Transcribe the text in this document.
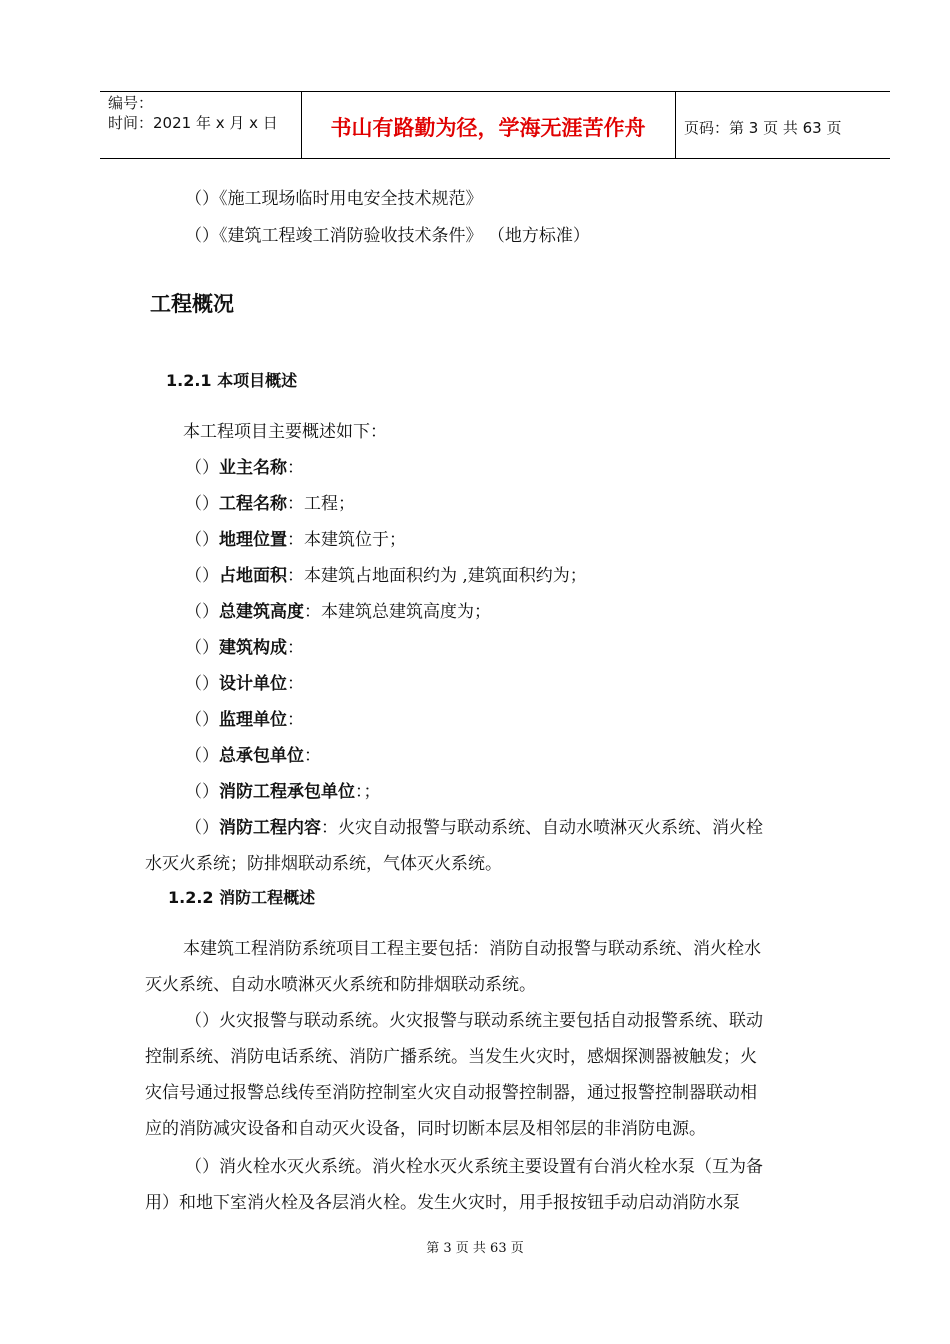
编号：
时间：2021 年 x 月 x 日	书山有路勤为径，学海无涯苦作舟	页码：第 3 页 共 63 页
（）《施工现场临时用电安全技术规范》
（）《建筑工程竣工消防验收技术条件》 （地方标准）
工程概况
1.2.1 本项目概述
本工程项目主要概述如下：
（）业主名称：
（）工程名称：工程；
（）地理位置：本建筑位于；
（）占地面积：本建筑占地面积约为 ,建筑面积约为；
（）总建筑高度：本建筑总建筑高度为；
（）建筑构成：
（）设计单位：
（）监理单位：
（）总承包单位：
（）消防工程承包单位：；
（）消防工程内容：火灾自动报警与联动系统、自动水喷淋灭火系统、消火栓
水灭火系统；防排烟联动系统，气体灭火系统。
1.2.2 消防工程概述
本建筑工程消防系统项目工程主要包括：消防自动报警与联动系统、消火栓水
灭火系统、自动水喷淋灭火系统和防排烟联动系统。
（）火灾报警与联动系统。火灾报警与联动系统主要包括自动报警系统、联动
控制系统、消防电话系统、消防广播系统。当发生火灾时，感烟探测器被触发；火
灾信号通过报警总线传至消防控制室火灾自动报警控制器，通过报警控制器联动相
应的消防减灾设备和自动灭火设备，同时切断本层及相邻层的非消防电源。
（）消火栓水灭火系统。消火栓水灭火系统主要设置有台消火栓水泵（互为备
用）和地下室消火栓及各层消火栓。发生火灾时，用手报按钮手动启动消防水泵
第 3 页 共 63 页
